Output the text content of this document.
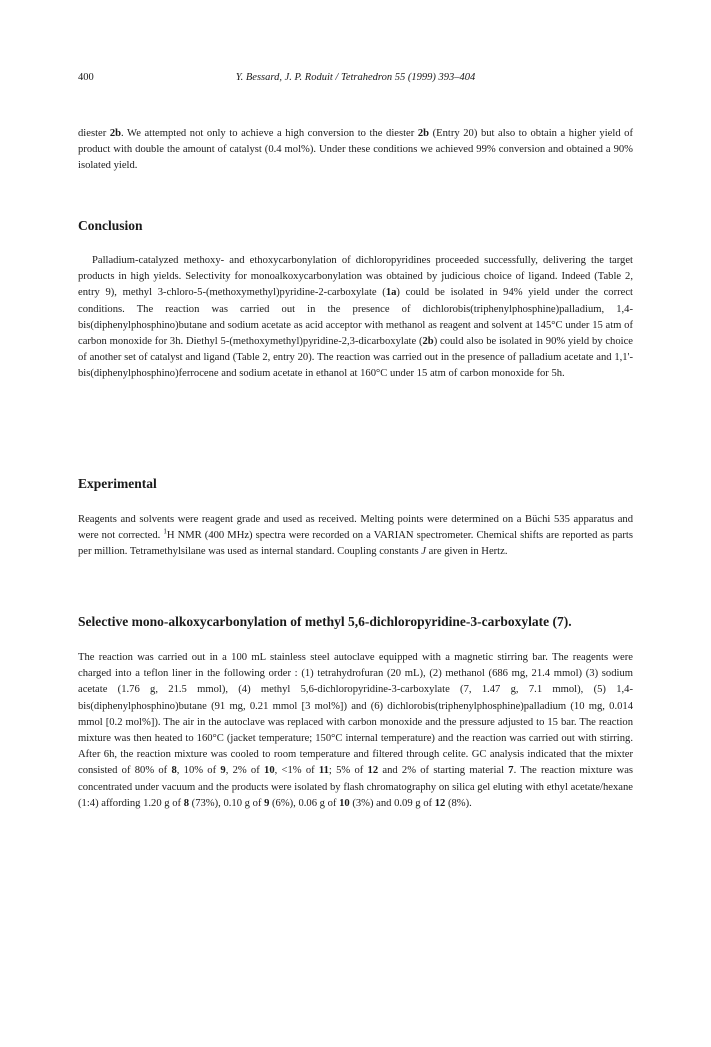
400	Y. Bessard, J. P. Roduit / Tetrahedron 55 (1999) 393–404

diester 2b. We attempted not only to achieve a high conversion to the diester 2b (Entry 20) but also to obtain a higher yield of product with double the amount of catalyst (0.4 mol%). Under these conditions we achieved 99% conversion and obtained a 90% isolated yield.

Conclusion

Palladium-catalyzed methoxy- and ethoxycarbonylation of dichloropyridines proceeded successfully, delivering the target products in high yields. Selectivity for monoalkoxycarbonylation was obtained by judicious choice of ligand. Indeed (Table 2, entry 9), methyl 3-chloro-5-(methoxymethyl)pyridine-2-carboxylate (1a) could be isolated in 94% yield under the correct conditions. The reaction was carried out in the presence of dichlorobis(triphenylphosphine)palladium, 1,4-bis(diphenylphosphino)butane and sodium acetate as acid acceptor with methanol as reagent and solvent at 145°C under 15 atm of carbon monoxide for 3h. Diethyl 5-(methoxymethyl)pyridine-2,3-dicarboxylate (2b) could also be isolated in 90% yield by choice of another set of catalyst and ligand (Table 2, entry 20). The reaction was carried out in the presence of palladium acetate and 1,1'-bis(diphenylphosphino)ferrocene and sodium acetate in ethanol at 160°C under 15 atm of carbon monoxide for 5h.

Experimental

Reagents and solvents were reagent grade and used as received. Melting points were determined on a Büchi 535 apparatus and were not corrected. $^1$H NMR (400 MHz) spectra were recorded on a VARIAN spectrometer. Chemical shifts are reported as parts per million. Tetramethylsilane was used as internal standard. Coupling constants J are given in Hertz.

Selective mono-alkoxycarbonylation of methyl 5,6-dichloropyridine-3-carboxylate (7).

The reaction was carried out in a 100 mL stainless steel autoclave equipped with a magnetic stirring bar. The reagents were charged into a teflon liner in the following order : (1) tetrahydrofuran (20 mL), (2) methanol (686 mg, 21.4 mmol) (3) sodium acetate (1.76 g, 21.5 mmol), (4) methyl 5,6-dichloropyridine-3-carboxylate (7, 1.47 g, 7.1 mmol), (5) 1,4-bis(diphenylphosphino)butane (91 mg, 0.21 mmol [3 mol%]) and (6) dichlorobis(triphenylphosphine)palladium (10 mg, 0.014 mmol [0.2 mol%]). The air in the autoclave was replaced with carbon monoxide and the pressure adjusted to 15 bar. The reaction mixture was then heated to 160°C (jacket temperature; 150°C internal temperature) and the reaction was carried out with stirring. After 6h, the reaction mixture was cooled to room temperature and filtered through celite. GC analysis indicated that the mixter consisted of 80% of 8, 10% of 9, 2% of 10, <1% of 11; 5% of 12 and 2% of starting material 7. The reaction mixture was concentrated under vacuum and the products were isolated by flash chromatography on silica gel eluting with ethyl acetate/hexane (1:4) affording 1.20 g of 8 (73%), 0.10 g of 9 (6%), 0.06 g of 10 (3%) and 0.09 g of 12 (8%).
